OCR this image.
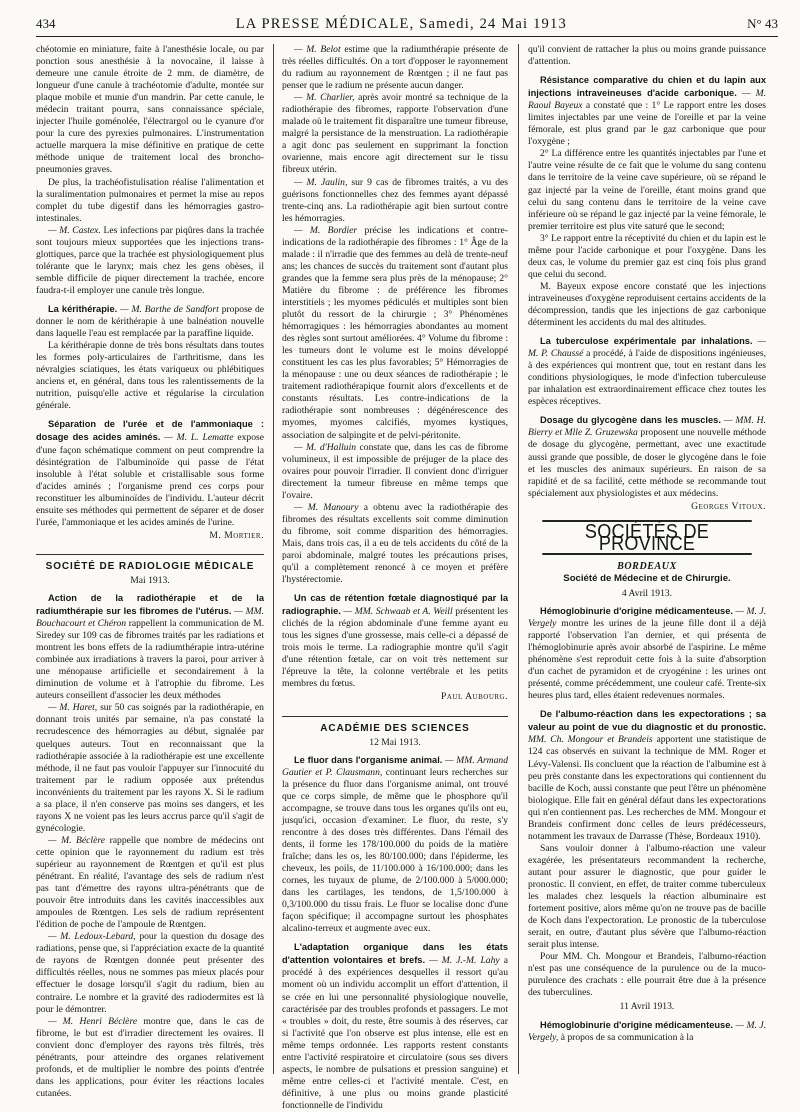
434	LA PRESSE MÉDICALE, Samedi, 24 Mai 1913	N° 43

chéotomie en miniature, faite à l'anesthésie locale, ou par ponction sous anesthésie à la novocaïne, il laisse à demeure une canule étroite de 2 mm. de diamètre, de longueur d'une canule à trachéotomie d'adulte, montée sur plaque mobile et munie d'un mandrin. Par cette canule, le médecin traitant pourra, sans connaissance spéciale, injecter l'huile goménolée, l'électrargol ou le cyanure d'or pour la cure des pyrexies pulmonaires. L'instrumentation actuelle marquera la mise définitive en pratique de cette méthode unique de traitement local des broncho-pneumonies graves.

De plus, la trachéofistulisation réalise l'alimentation et la suralimentation pulmonaires et permet la mise au repos complet du tube digestif dans les hémorragies gastro-intestinales.

— M. Castex. Les infections par piqûres dans la trachée sont toujours mieux supportées que les injections trans-glottiques, parce que la trachée est physiologiquement plus tolérante que le larynx; mais chez les gens obèses, il semble difficile de piquer directement la trachée, encore faudra-t-il employer une canule très longue.

La kérithérapie. — M. Barthe de Sandfort propose de donner le nom de kérithérapie à une balnéation nouvelle dans laquelle l'eau est remplacée par la paraffine liquide.

La kérithérapie donne de très bons résultats dans toutes les formes poly-articulaires de l'arthritisme, dans les névralgies sciatiques, les états variqueux ou phlébitiques anciens et, en général, dans tous les ralentissements de la nutrition, puisqu'elle active et régularise la circulation générale.

Séparation de l'urée et de l'ammoniaque : dosage des acides aminés. — M. L. Lematte expose d'une façon schématique comment on peut comprendre la désintégration de l'albuminoïde qui passe de l'état insoluble à l'état soluble et cristallisable sous forme d'acides aminés ; l'organisme prend ces corps pour reconstituer les albuminoïdes de l'individu. L'auteur décrit ensuite ses méthodes qui permettent de séparer et de doser l'urée, l'ammoniaque et les acides aminés de l'urine.

M. Mortier.
SOCIÉTÉ DE RADIOLOGIE MÉDICALE
Mai 1913.

Action de la radiothérapie et de la radiumthérapie sur les fibromes de l'utérus. — MM. Bouchacourt et Chéron rappellent la communication de M. Siredey sur 109 cas de fibromes traités par les radiations et montrent les bons effets de la radiumthérapie intra-utérine combinée aux irradiations à travers la paroi, pour arriver à une ménopause artificielle et secondairement à la diminution de volume et à l'atrophie du fibrome. Les auteurs conseillent d'associer les deux méthodes

— M. Haret, sur 50 cas soignés par la radiothérapie, en donnant trois unités par semaine, n'a pas constaté la recrudescence des hémorragies au début, signalée par quelques auteurs. Tout en reconnaissant que la radiothérapie associée à la radiothérapie est une excellente méthode, il ne faut pas vouloir l'appuyer sur l'innocuité du traitement par le radium opposée aux prétendus inconvénients du traitement par les rayons X. Si le radium a sa place, il n'en conserve pas moins ses dangers, et les rayons X ne voient pas les leurs accrus parce qu'il s'agit de gynécologie.

— M. Béclère rappelle que nombre de médecins ont cette opinion que le rayonnement du radium est très supérieur au rayonnement de Rœntgen et qu'il est plus pénétrant. En réalité, l'avantage des sels de radium n'est pas tant d'émettre des rayons ultra-pénétrants que de pouvoir être introduits dans les cavités inaccessibles aux ampoules de Rœntgen. Les sels de radium représentent l'édition de poche de l'ampoule de Rœntgen.

— M. Ledoux-Lebard, pour la question du dosage des radiations, pense que, si l'appréciation exacte de la quantité de rayons de Rœntgen donnée peut présenter des difficultés réelles, nous ne sommes pas mieux placés pour effectuer le dosage lorsqu'il s'agit du radium, bien au contraire. Le nombre et la gravité des radiodermites est là pour le démontrer.

— M. Henri Béclère montre que, dans le cas de fibrome, le but est d'irradier directement les ovaires. Il convient donc d'employer des rayons très filtrés, très pénétrants, pour atteindre des organes relativement profonds, et de multiplier le nombre des points d'entrée dans les applications, pour éviter les réactions locales cutanées.

— M. Belot estime que la radiumthérapie présente de très réelles difficultés. On a tort d'opposer le rayonnement du radium au rayonnement de Rœntgen ; il ne faut pas penser que le radium ne présente aucun danger.

— M. Charlier, après avoir montré sa technique de la radiothérapie des fibromes, rapporte l'observation d'une malade où le traitement fit disparaître une tumeur fibreuse, malgré la persistance de la menstruation. La radiothérapie a agit donc pas seulement en supprimant la fonction ovarienne, mais encore agit directement sur le tissu fibreux utérin.

— M. Jaulin, sur 9 cas de fibromes traités, a vu des guérisons fonctionnelles chez des femmes ayant dépassé trente-cinq ans. La radiothérapie agit bien surtout contre les hémorragies.

— M. Bordier précise les indications et contre-indications de la radiothérapie des fibromes : 1° Âge de la malade : il n'irradie que des femmes au delà de trente-neuf ans; les chances de succès du traitement sont d'autant plus grandes que la femme sera plus près de la ménopause; 2° Matière du fibrome : de préférence les fibromes interstitiels ; les myomes pédiculés et multiples sont bien plutôt du ressort de la chirurgie ; 3° Phénomènes hémorragiques : les hémorragies abondantes au moment des règles sont surtout améliorées. 4° Volume du fibrome : les tumeurs dont le volume est le moins développé constituent les cas les plus favorables; 5° Hémorragies de la ménopause : une ou deux séances de radiothérapie ; le traitement radiothérapique fournit alors d'excellents et de constants résultats. Les contre-indications de la radiothérapie sont nombreuses : dégénérescence des myomes, myomes calcifiés, myomes kystiques, association de salpingite et de pelvi-péritonite.

— M. d'Halluin constate que, dans les cas de fibrome volumineux, il est impossible de préjuger de la place des ovaires pour pouvoir l'irradier. Il convient donc d'irriguer directement la tumeur fibreuse en même temps que l'ovaire.

— M. Manoury a obtenu avec la radiothérapie des fibromes des résultats excellents soit comme diminution du fibrome, soit comme disparition des hémorragies. Mais, dans trois cas, il a eu de tels accidents du côté de la paroi abdominale, malgré toutes les précautions prises, qu'il a complètement renoncé à ce moyen et préfère l'hystérectomie.

Un cas de rétention fœtale diagnostiqué par la radiographie. — MM. Schwaab et A. Weill présentent les clichés de la région abdominale d'une femme ayant eu tous les signes d'une grossesse, mais celle-ci a dépassé de trois mois le terme. La radiographie montre qu'il s'agit d'une rétention fœtale, car on voit très nettement sur l'épreuve la tête, la colonne vertébrale et les petits membres du fœtus.

Paul Aubourg.
ACADÉMIE DES SCIENCES
12 Mai 1913.

Le fluor dans l'organisme animal. — MM. Armand Gautier et P. Clausmann, continuant leurs recherches sur la présence du fluor dans l'organisme animal, ont trouvé que ce corps simple, de même que le phosphore qu'il accompagne, se trouve dans tous les organes qu'ils ont eu, jusqu'ici, occasion d'examiner. Le fluor, du reste, s'y rencontre à des doses très différentes. Dans l'émail des dents, il forme les 178/100.000 du poids de la matière fraîche; dans les os, les 80/100.000; dans l'épiderme, les cheveux, les poils, de 11/100.000 à 16/100.000; dans les cornes, les tuyaux de plume, de 2/100.000 à 5/000.000; dans les cartilages, les tendons, de 1,5/100.000 à 0,3/100.000 du tissu frais. Le fluor se localise donc d'une façon spécifique; il accompagne surtout les phosphates alcalino-terreux et augmente avec eux.

L'adaptation organique dans les états d'attention volontaires et brefs. — M. J.-M. Lahy a procédé à des expériences desquelles il ressort qu'au moment où un individu accomplit un effort d'attention, il se crée en lui une personnalité physiologique nouvelle, caractérisée par des troubles profonds et passagers. Le mot « troubles » doit, du reste, être soumis à des réserves, car si l'activité que l'on observe est plus intense, elle est en même temps ordonnée. Les rapports restent constants entre l'activité respiratoire et circulatoire (sous ses divers aspects, le nombre de pulsations et pression sanguine) et même entre celles-ci et l'activité mentale. C'est, en définitive, à une plus ou moins grande plasticité fonctionnelle de l'individu

qu'il convient de rattacher la plus ou moins grande puissance d'attention.

Résistance comparative du chien et du lapin aux injections intraveineuses d'acide carbonique. — M. Raoul Bayeux a constaté que : 1° Le rapport entre les doses limites injectables par une veine de l'oreille et par la veine fémorale, est plus grand par le gaz carbonique que pour l'oxygène ;

2° La différence entre les quantités injectables par l'une et l'autre veine résulte de ce fait que le volume du sang contenu dans le territoire de la veine cave supérieure, où se répand le gaz injecté par la veine de l'oreille, étant moins grand que celui du sang contenu dans le territoire de la veine cave inférieure où se répand le gaz injecté par la veine fémorale, le premier territoire est plus vite saturé que le second;

3° Le rapport entre la réceptivité du chien et du lapin est le même pour l'acide carbonique et pour l'oxygène. Dans les deux cas, le volume du premier gaz est cinq fois plus grand que celui du second.

M. Bayeux expose encore constaté que les injections intraveineuses d'oxygène reproduisent certains accidents de la décompression, tandis que les injections de gaz carbonique déterminent les accidents du mal des altitudes.

La tuberculose expérimentale par inhalations. — M. P. Chaussé a procédé, à l'aide de dispositions ingénieuses, à des expériences qui montrent que, tout en restant dans les conditions physiologiques, le mode d'infection tuberculeuse par inhalation est extraordinairement efficace chez toutes les espèces réceptives.

Dosage du glycogène dans les muscles. — MM. H. Bierry et Mlle Z. Gruzewska proposent une nouvelle méthode de dosage du glycogène, permettant, avec une exactitude aussi grande que possible, de doser le glycogène dans le foie et les muscles des animaux supérieurs. En raison de sa rapidité et de sa facilité, cette méthode se recommande tout spécialement aux physiologistes et aux médecins.

Georges Vitoux.
SOCIÉTÉS DE PROVINCE
BORDEAUX
Société de Médecine et de Chirurgie.
4 Avril 1913.

Hémoglobinurie d'origine médicamenteuse. — M. J. Vergely montre les urines de la jeune fille dont il a déjà rapporté l'observation l'an dernier, et qui présenta de l'hémoglobinurie après avoir absorbé de l'aspirine. Le même phénomène s'est reproduit cette fois à la suite d'absorption d'un cachet de pyramidon et de cryogénine : les urines ont présenté, comme précédemment, une couleur café. Trente-six heures plus tard, elles étaient redevenues normales.

De l'albumo-réaction dans les expectorations ; sa valeur au point de vue du diagnostic et du pronostic. MM. Ch. Mongour et Brandeis apportent une statistique de 124 cas observés en suivant la technique de MM. Roger et Lévy-Valensi. Ils concluent que la réaction de l'albumine est à peu près constante dans les expectorations qui contiennent du bacille de Koch, aussi constante que peut l'être un phénomène biologique. Elle fait en général défaut dans les expectorations qui n'en contiennent pas. Les recherches de MM. Mongour et Brandeis confirment donc celles de leurs prédécesseurs, notamment les travaux de Darrasse (Thèse, Bordeaux 1910).

Sans vouloir donner à l'albumo-réaction une valeur exagérée, les présentateurs recommandent la recherche, autant pour assurer le diagnostic, que pour guider le pronostic. Il convient, en effet, de traiter comme tuberculeux les malades chez lesquels la réaction albuminaire est fortement positive, alors même qu'on ne trouve pas de bacille de Koch dans l'expectoration. Le pronostic de la tuberculose serait, en outre, d'autant plus sévère que l'albumo-réaction serait plus intense.

Pour MM. Ch. Mongour et Brandeis, l'albumo-réaction n'est pas une conséquence de la purulence ou de la muco-purulence des crachats : elle pourrait être due à la présence des tuberculines.

11 Avril 1913.

Hémoglobinurie d'origine médicamenteuse. — M. J. Vergely, à propos de sa communication à la
